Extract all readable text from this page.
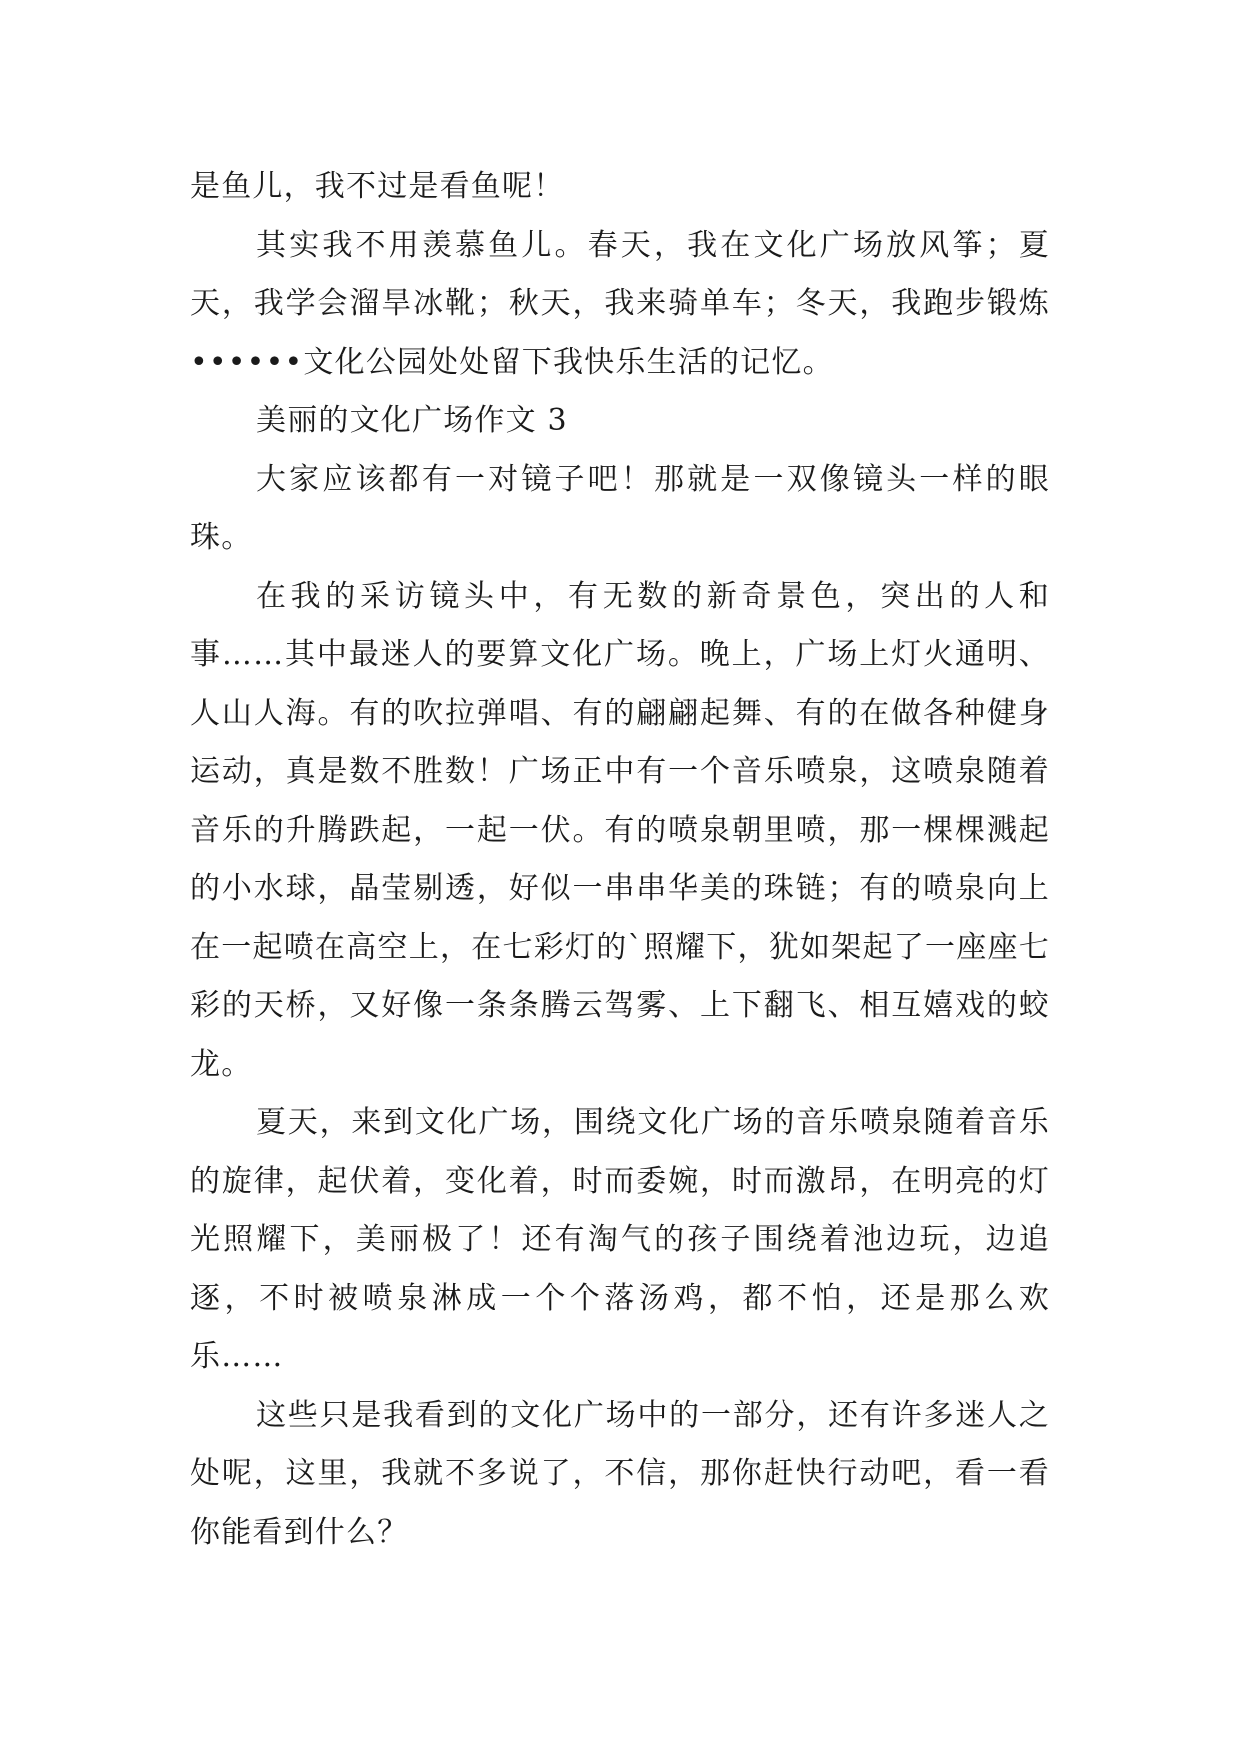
是鱼儿，我不过是看鱼呢！

其实我不用羡慕鱼儿。春天，我在文化广场放风筝；夏天，我学会溜旱冰靴；秋天，我来骑单车；冬天，我跑步锻炼••••••文化公园处处留下我快乐生活的记忆。

美丽的文化广场作文 3

大家应该都有一对镜子吧！那就是一双像镜头一样的眼珠。

在我的采访镜头中，有无数的新奇景色，突出的人和事……其中最迷人的要算文化广场。晚上，广场上灯火通明、人山人海。有的吹拉弹唱、有的翩翩起舞、有的在做各种健身运动，真是数不胜数！广场正中有一个音乐喷泉，这喷泉随着音乐的升腾跌起，一起一伏。有的喷泉朝里喷，那一棵棵溅起的小水球，晶莹剔透，好似一串串华美的珠链；有的喷泉向上在一起喷在高空上，在七彩灯的`照耀下，犹如架起了一座座七彩的天桥，又好像一条条腾云驾雾、上下翻飞、相互嬉戏的蛟龙。

夏天，来到文化广场，围绕文化广场的音乐喷泉随着音乐的旋律，起伏着，变化着，时而委婉，时而激昂，在明亮的灯光照耀下，美丽极了！还有淘气的孩子围绕着池边玩，边追逐，不时被喷泉淋成一个个落汤鸡，都不怕，还是那么欢乐……

这些只是我看到的文化广场中的一部分，还有许多迷人之处呢，这里，我就不多说了，不信，那你赶快行动吧，看一看你能看到什么？
